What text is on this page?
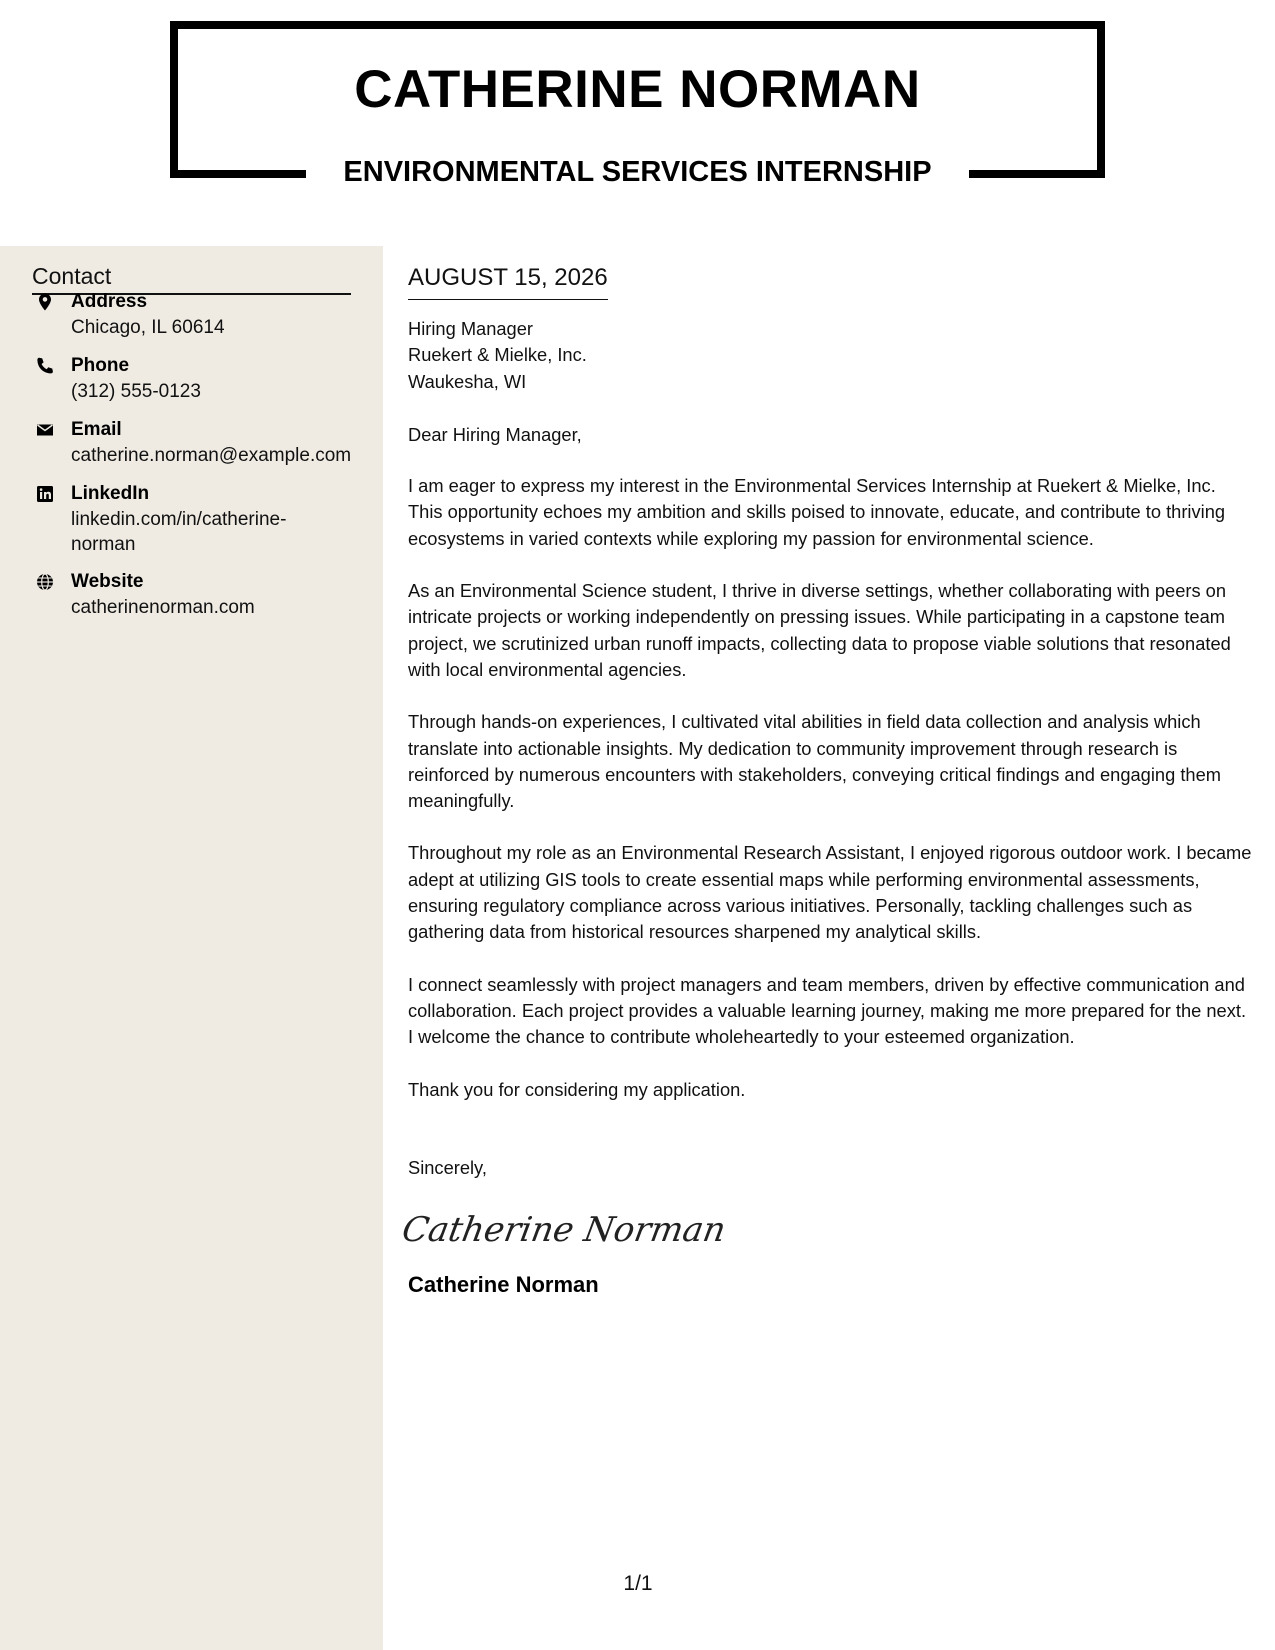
CATHERINE NORMAN
ENVIRONMENTAL SERVICES INTERNSHIP
Contact
Address
Chicago, IL 60614
Phone
(312) 555-0123
Email
catherine.norman@example.com
LinkedIn
linkedin.com/in/catherine-norman
Website
catherinenorman.com
AUGUST 15, 2026
Hiring Manager
Ruekert & Mielke, Inc.
Waukesha, WI
Dear Hiring Manager,

I am eager to express my interest in the Environmental Services Internship at Ruekert & Mielke, Inc. This opportunity echoes my ambition and skills poised to innovate, educate, and contribute to thriving ecosystems in varied contexts while exploring my passion for environmental science.

As an Environmental Science student, I thrive in diverse settings, whether collaborating with peers on intricate projects or working independently on pressing issues. While participating in a capstone team project, we scrutinized urban runoff impacts, collecting data to propose viable solutions that resonated with local environmental agencies.

Through hands-on experiences, I cultivated vital abilities in field data collection and analysis which translate into actionable insights. My dedication to community improvement through research is reinforced by numerous encounters with stakeholders, conveying critical findings and engaging them meaningfully.

Throughout my role as an Environmental Research Assistant, I enjoyed rigorous outdoor work. I became adept at utilizing GIS tools to create essential maps while performing environmental assessments, ensuring regulatory compliance across various initiatives. Personally, tackling challenges such as gathering data from historical resources sharpened my analytical skills.

I connect seamlessly with project managers and team members, driven by effective communication and collaboration. Each project provides a valuable learning journey, making me more prepared for the next. I welcome the chance to contribute wholeheartedly to your esteemed organization.

Thank you for considering my application.

Sincerely,
Catherine Norman
Catherine Norman
1/1
